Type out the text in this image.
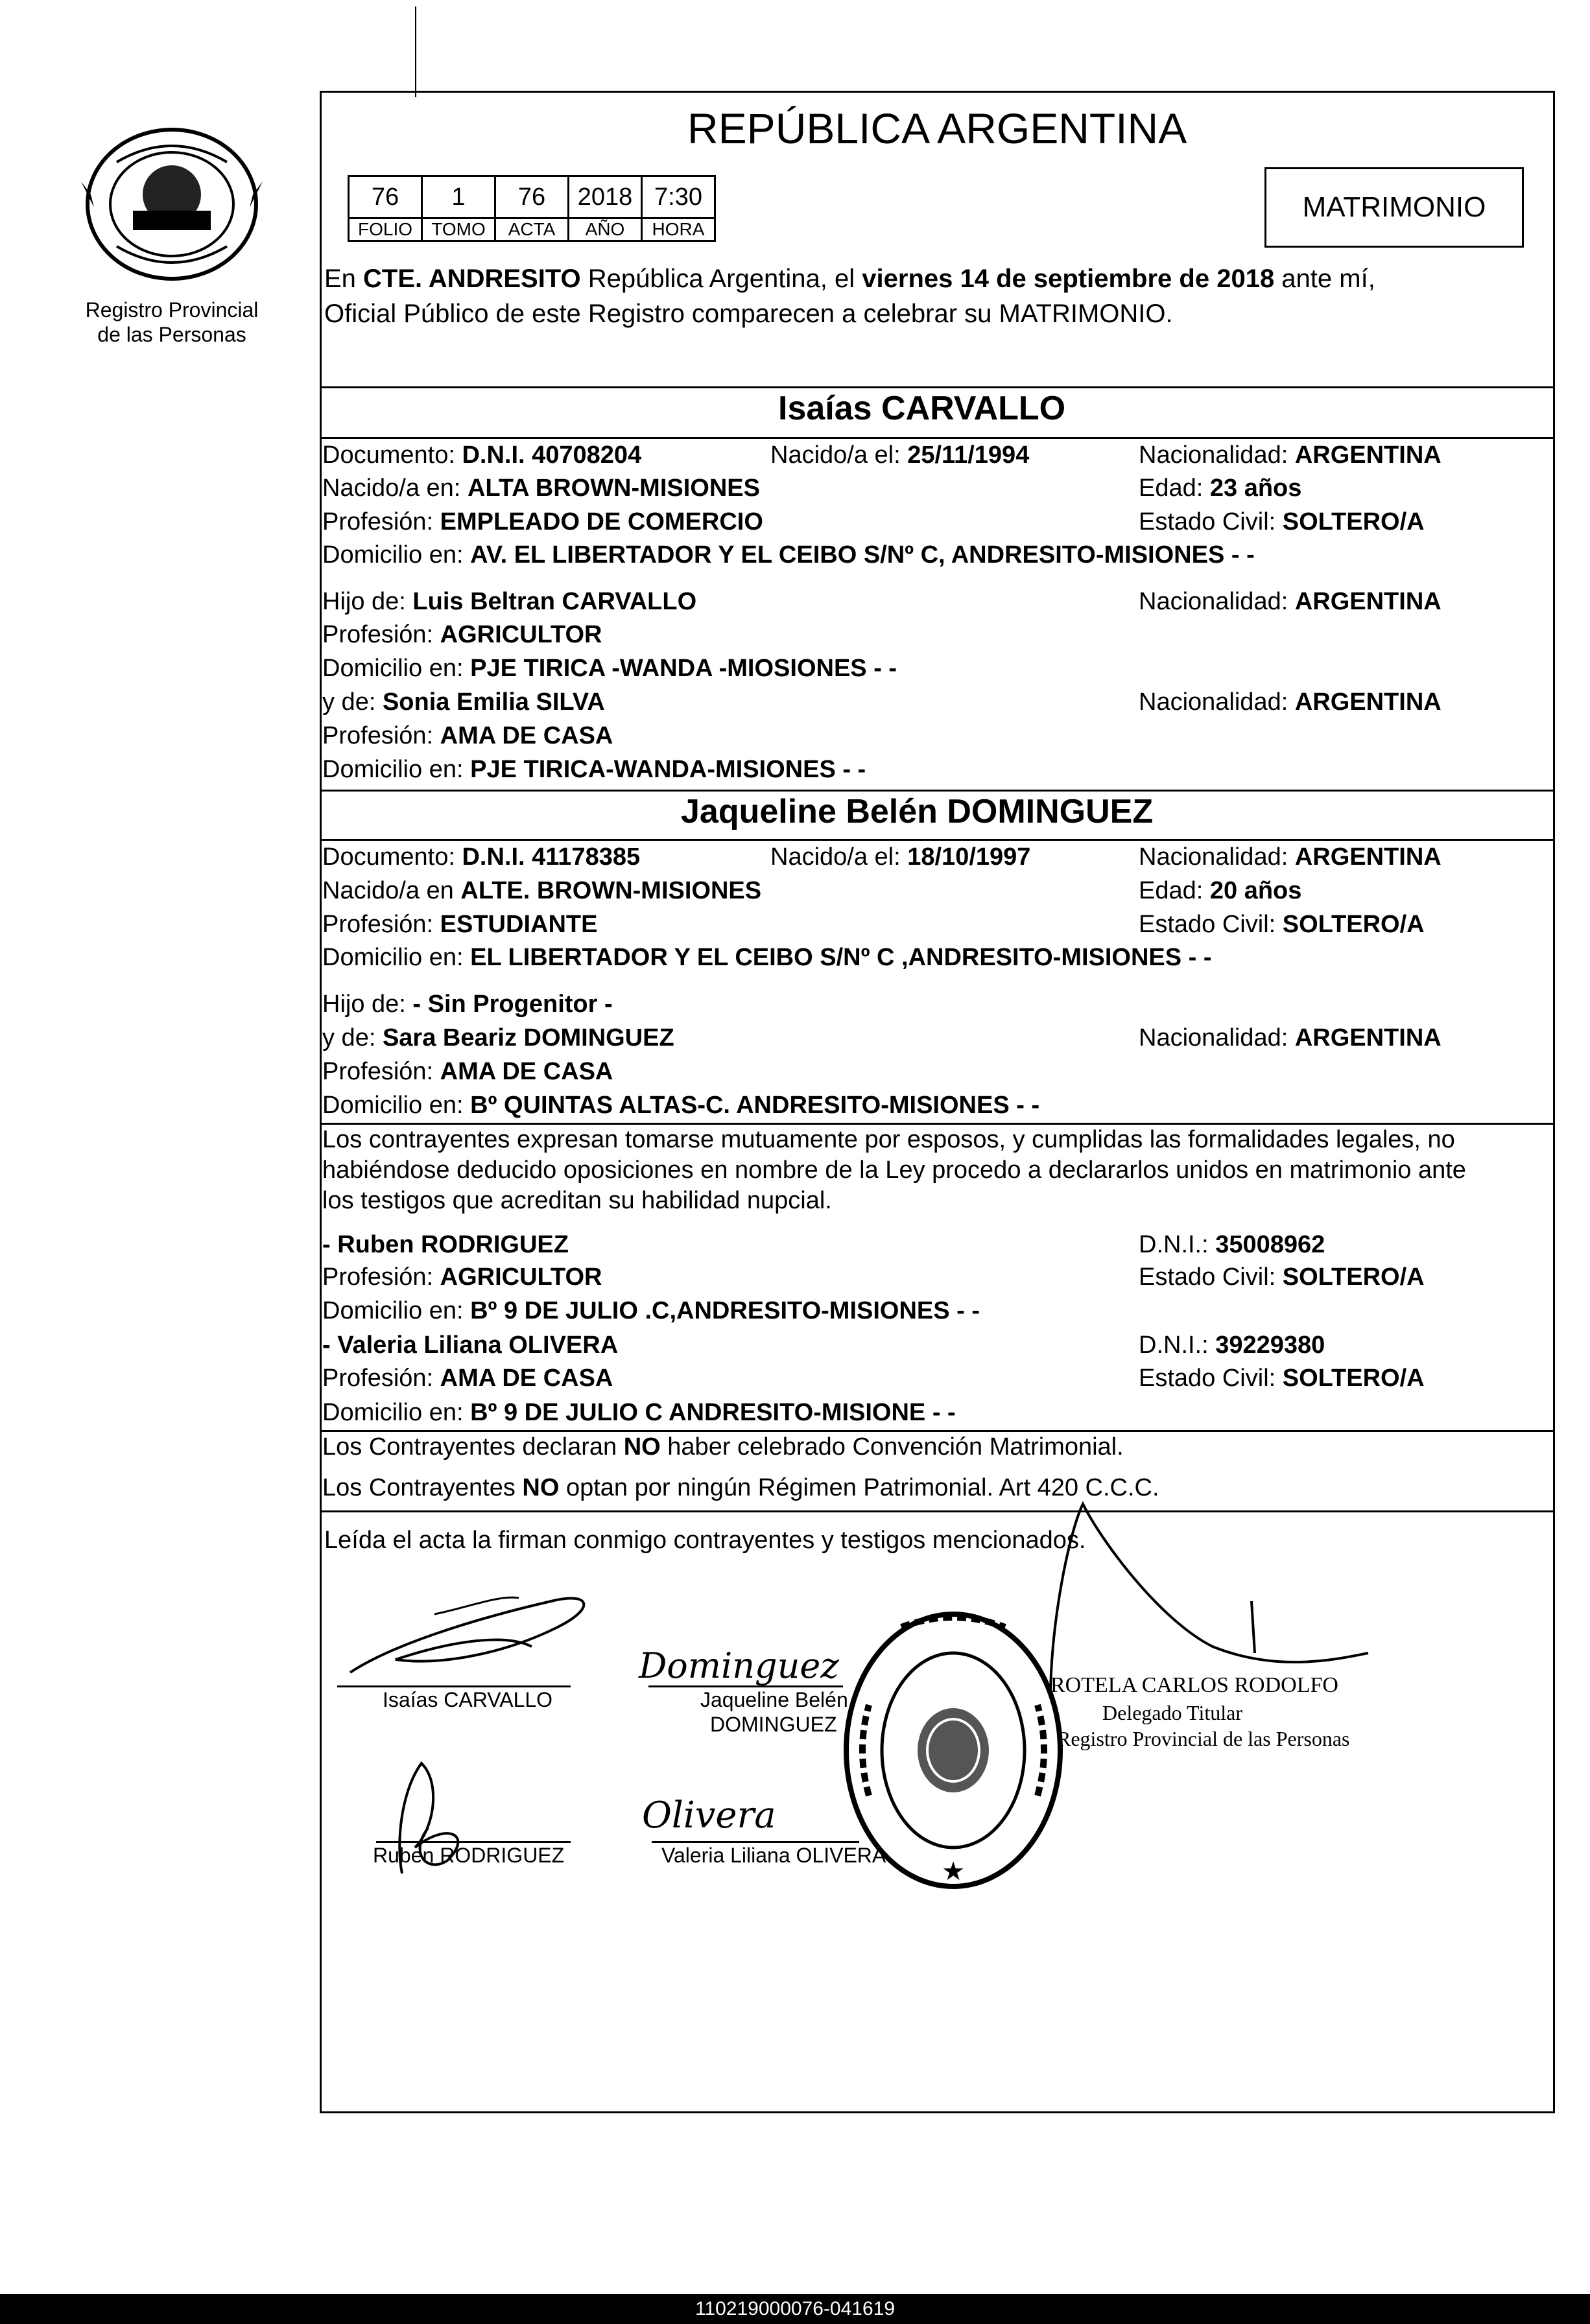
Registro Provincial
de las Personas
REPÚBLICA ARGENTINA
76	1	76	2018	7:30
FOLIO	TOMO	ACTA	AÑO	HORA
MATRIMONIO
En CTE. ANDRESITO República Argentina, el viernes 14 de septiembre de 2018 ante mí,
Oficial Público de este Registro comparecen a celebrar su MATRIMONIO.
Isaías CARVALLO
Documento: D.N.I. 40708204	Nacido/a el: 25/11/1994	Nacionalidad: ARGENTINA
Nacido/a en: ALTA BROWN-MISIONES	Edad: 23 años
Profesión: EMPLEADO DE COMERCIO	Estado Civil: SOLTERO/A
Domicilio en: AV. EL LIBERTADOR Y EL CEIBO S/Nº C, ANDRESITO-MISIONES - -
Hijo de: Luis Beltran CARVALLO	Nacionalidad: ARGENTINA
Profesión: AGRICULTOR
Domicilio en: PJE TIRICA -WANDA -MIOSIONES - -
y de: Sonia Emilia SILVA	Nacionalidad: ARGENTINA
Profesión: AMA DE CASA
Domicilio en: PJE TIRICA-WANDA-MISIONES - -
Jaqueline Belén DOMINGUEZ
Documento: D.N.I. 41178385	Nacido/a el: 18/10/1997	Nacionalidad: ARGENTINA
Nacido/a en ALTE. BROWN-MISIONES	Edad: 20 años
Profesión: ESTUDIANTE	Estado Civil: SOLTERO/A
Domicilio en: EL LIBERTADOR Y EL CEIBO S/Nº C ,ANDRESITO-MISIONES - -
Hijo de: - Sin Progenitor -
y de: Sara Beariz DOMINGUEZ	Nacionalidad: ARGENTINA
Profesión: AMA DE CASA
Domicilio en: Bº QUINTAS ALTAS-C. ANDRESITO-MISIONES - -
Los contrayentes expresan tomarse mutuamente por esposos, y cumplidas las formalidades legales, no
habiéndose deducido oposiciones en nombre de la Ley procedo a declararlos unidos en matrimonio ante
los testigos que acreditan su habilidad nupcial.
- Ruben RODRIGUEZ	D.N.I.: 35008962
Profesión: AGRICULTOR	Estado Civil: SOLTERO/A
Domicilio en: Bº 9 DE JULIO .C,ANDRESITO-MISIONES - -
- Valeria Liliana OLIVERA	D.N.I.: 39229380
Profesión: AMA DE CASA	Estado Civil: SOLTERO/A
Domicilio en: Bº 9 DE JULIO C ANDRESITO-MISIONE - -
Los Contrayentes declaran NO haber celebrado Convención Matrimonial.
Los Contrayentes NO optan por ningún Régimen Patrimonial. Art 420 C.C.C.
Leída el acta la firman conmigo contrayentes y testigos mencionados.
Isaías CARVALLO
Dominguez
Jaqueline Belén
DOMINGUEZ
★
ROTELA CARLOS RODOLFO
Delegado Titular
Registro Provincial de las Personas
Ruben RODRIGUEZ
Olivera
Valeria Liliana OLIVERA
110219000076-041619
